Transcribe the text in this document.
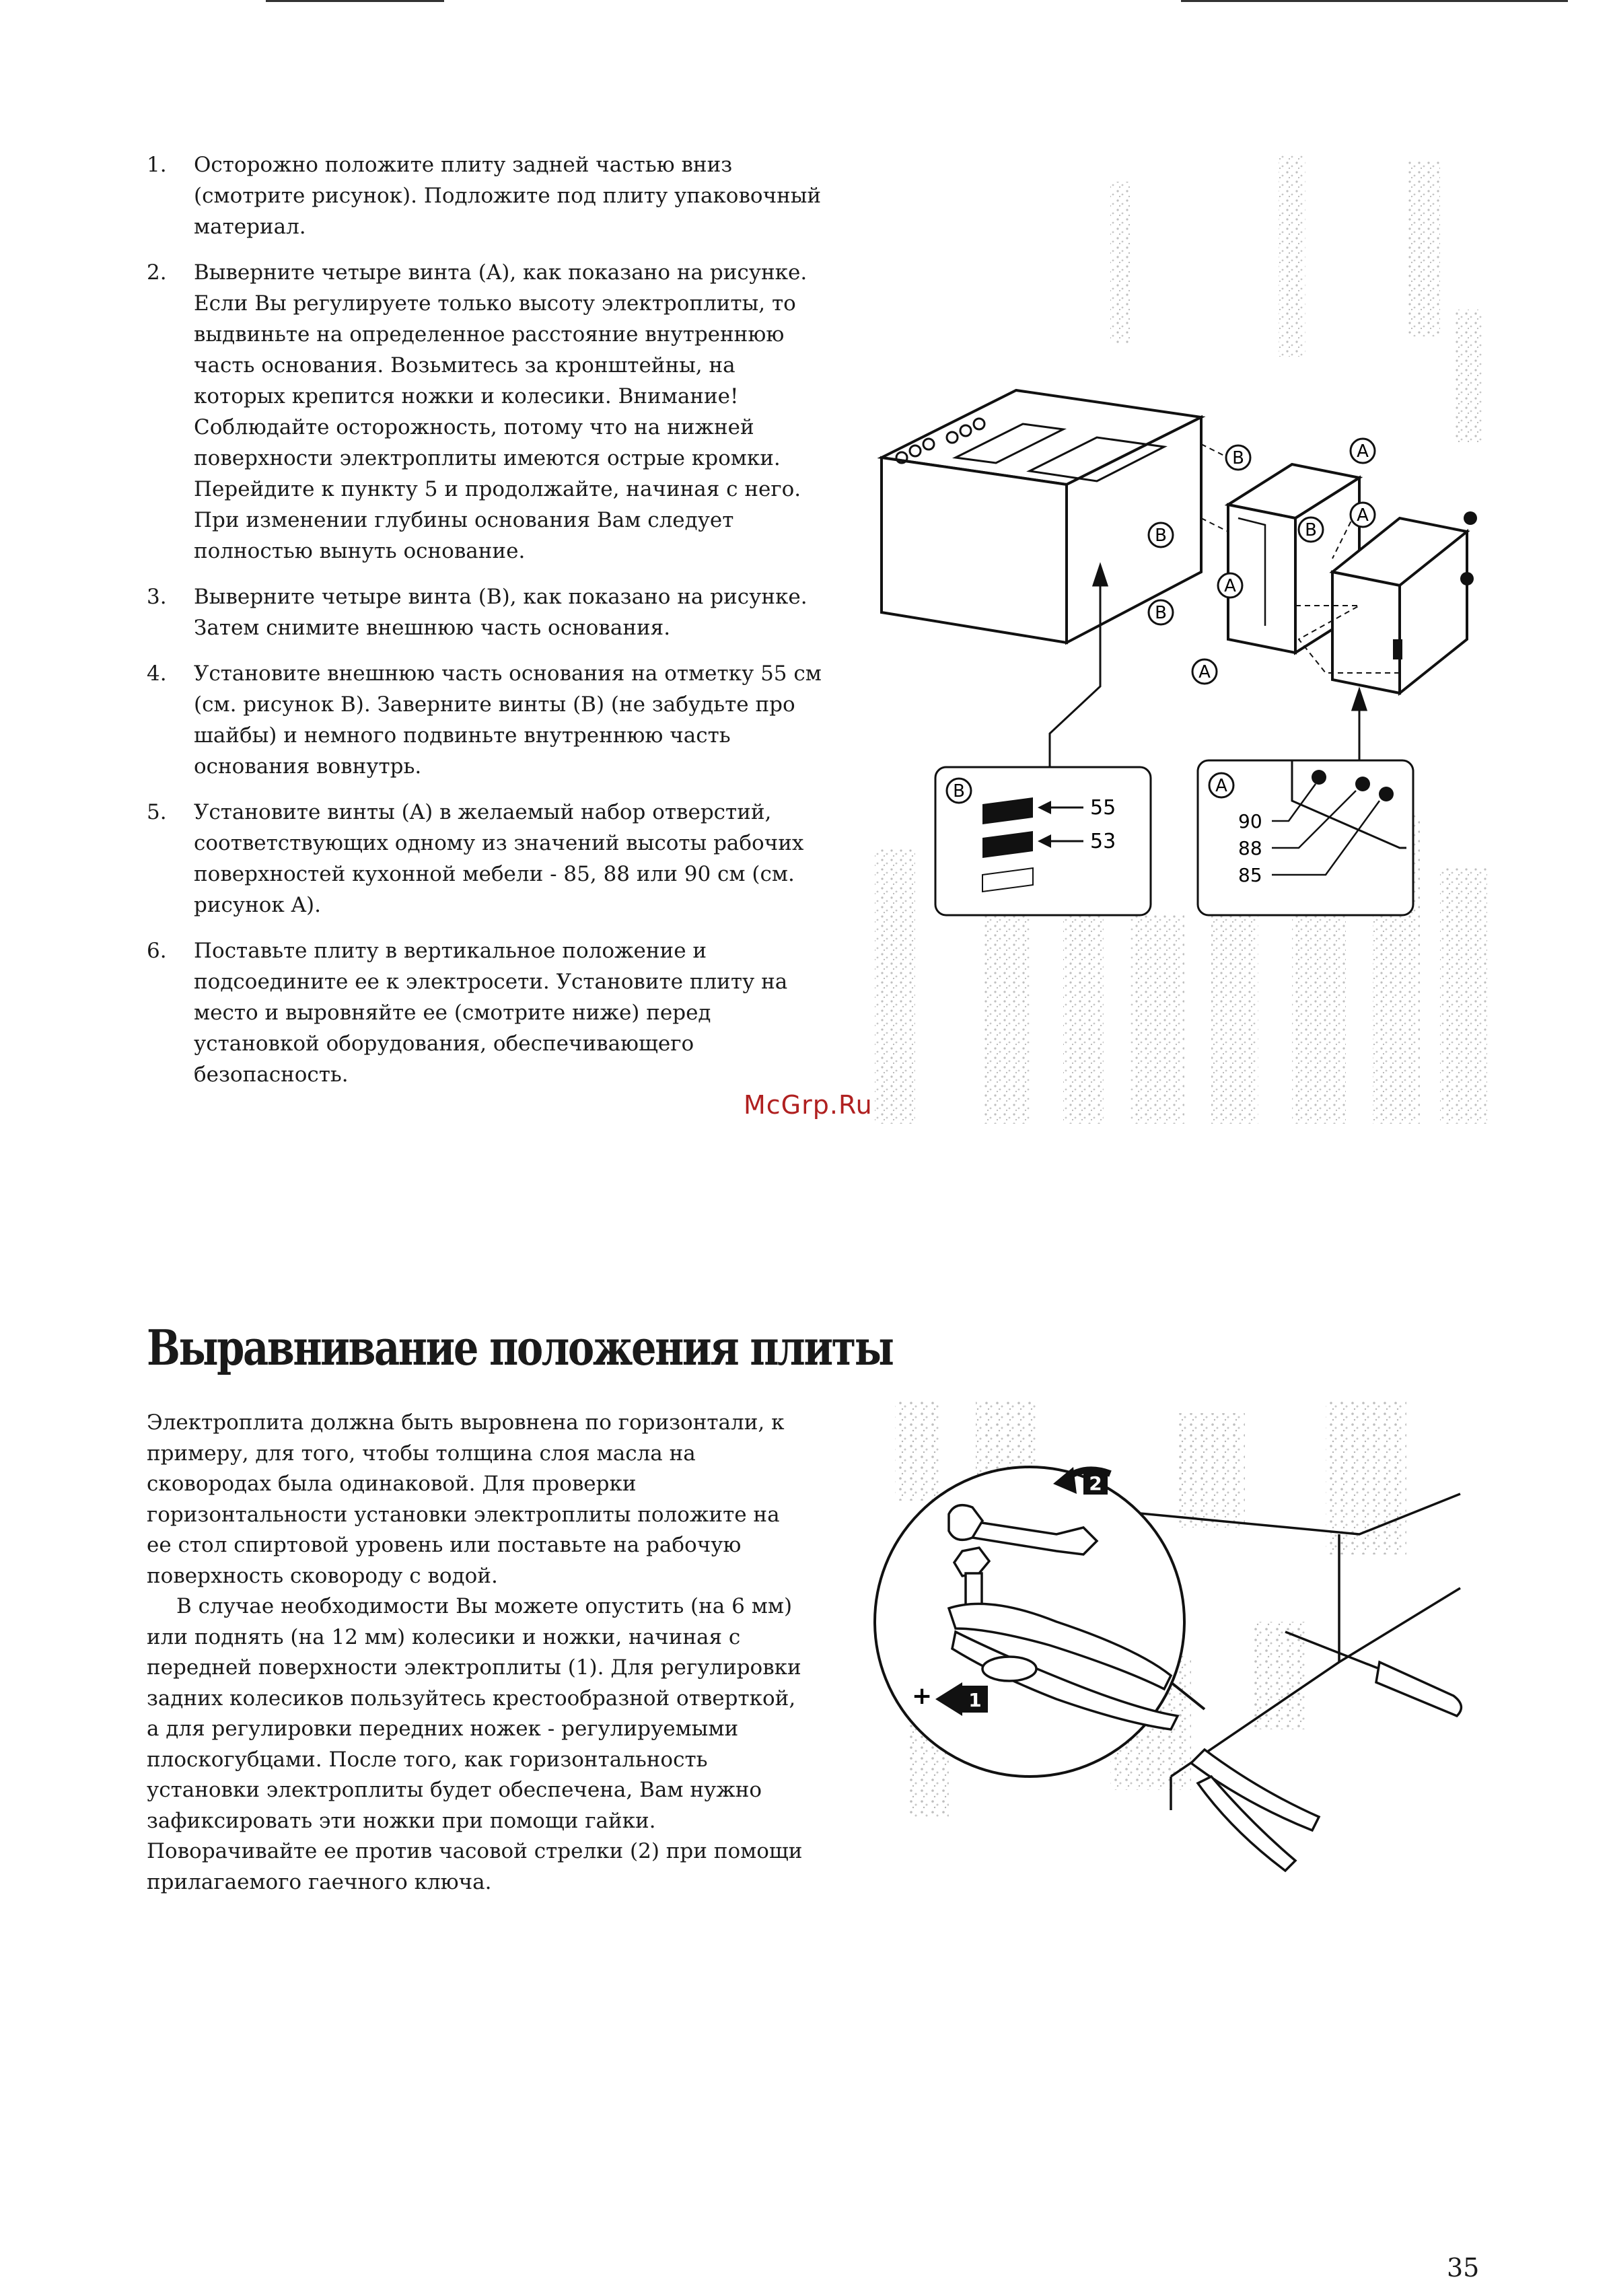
1. Осторожно положите плиту задней частью вниз (смотрите рисунок). Подложите под плиту упаковочный материал.
2. Выверните четыре винта (A), как показано на рисунке. Если Вы регулируете только высоту электроплиты, то выдвиньте на определенное расстояние внутреннюю часть основания. Возьмитесь за кронштейны, на которых крепится ножки и колесики. Внимание! Соблюдайте осторожность, потому что на нижней поверхности электроплиты имеются острые кромки. Перейдите к пункту 5 и продолжайте, начиная с него.
При изменении глубины основания Вам следует полностью вынуть основание.
3. Выверните четыре винта (B), как показано на рисунке. Затем снимите внешнюю часть основания.
4. Установите внешнюю часть основания на отметку 55 см (см. рисунок B). Заверните винты (B) (не забудьте про шайбы) и немного подвиньте внутреннюю часть основания вовнутрь.
5. Установите винты (A) в желаемый набор отверстий, соответствующих одному из значений высоты рабочих поверхностей кухонной мебели - 85, 88 или 90 см (см. рисунок A).
6. Поставьте плиту в вертикальное положение и подсоедините ее к электросети. Установите плиту на место и выровняйте ее (смотрите ниже) перед установкой оборудования, обеспечивающего безопасность.
B
B
B
B
A
A
A
A
B
55
53
A
90
88
85
McGrp.Ru
Выравнивание положения плиты

Электроплита должна быть выровнена по горизонтали, к примеру, для того, чтобы толщина слоя масла на сковородах была одинаковой. Для проверки горизонтальности установки электроплиты положите на ее стол спиртовой уровень или поставьте на рабочую поверхность сковороду с водой.

В случае необходимости Вы можете опустить (на 6 мм) или поднять (на 12 мм) колесики и ножки, начиная с передней поверхности электроплиты (1). Для регулировки задних колесиков пользуйтесь крестообразной отверткой, а для регулировки передних ножек - регулируемыми плоскогубцами. После того, как горизонтальность установки электроплиты будет обеспечена, Вам нужно зафиксировать эти ножки при помощи гайки. Поворачивайте ее против часовой стрелки (2) при помощи прилагаемого гаечного ключа.

2
+ 1
35
